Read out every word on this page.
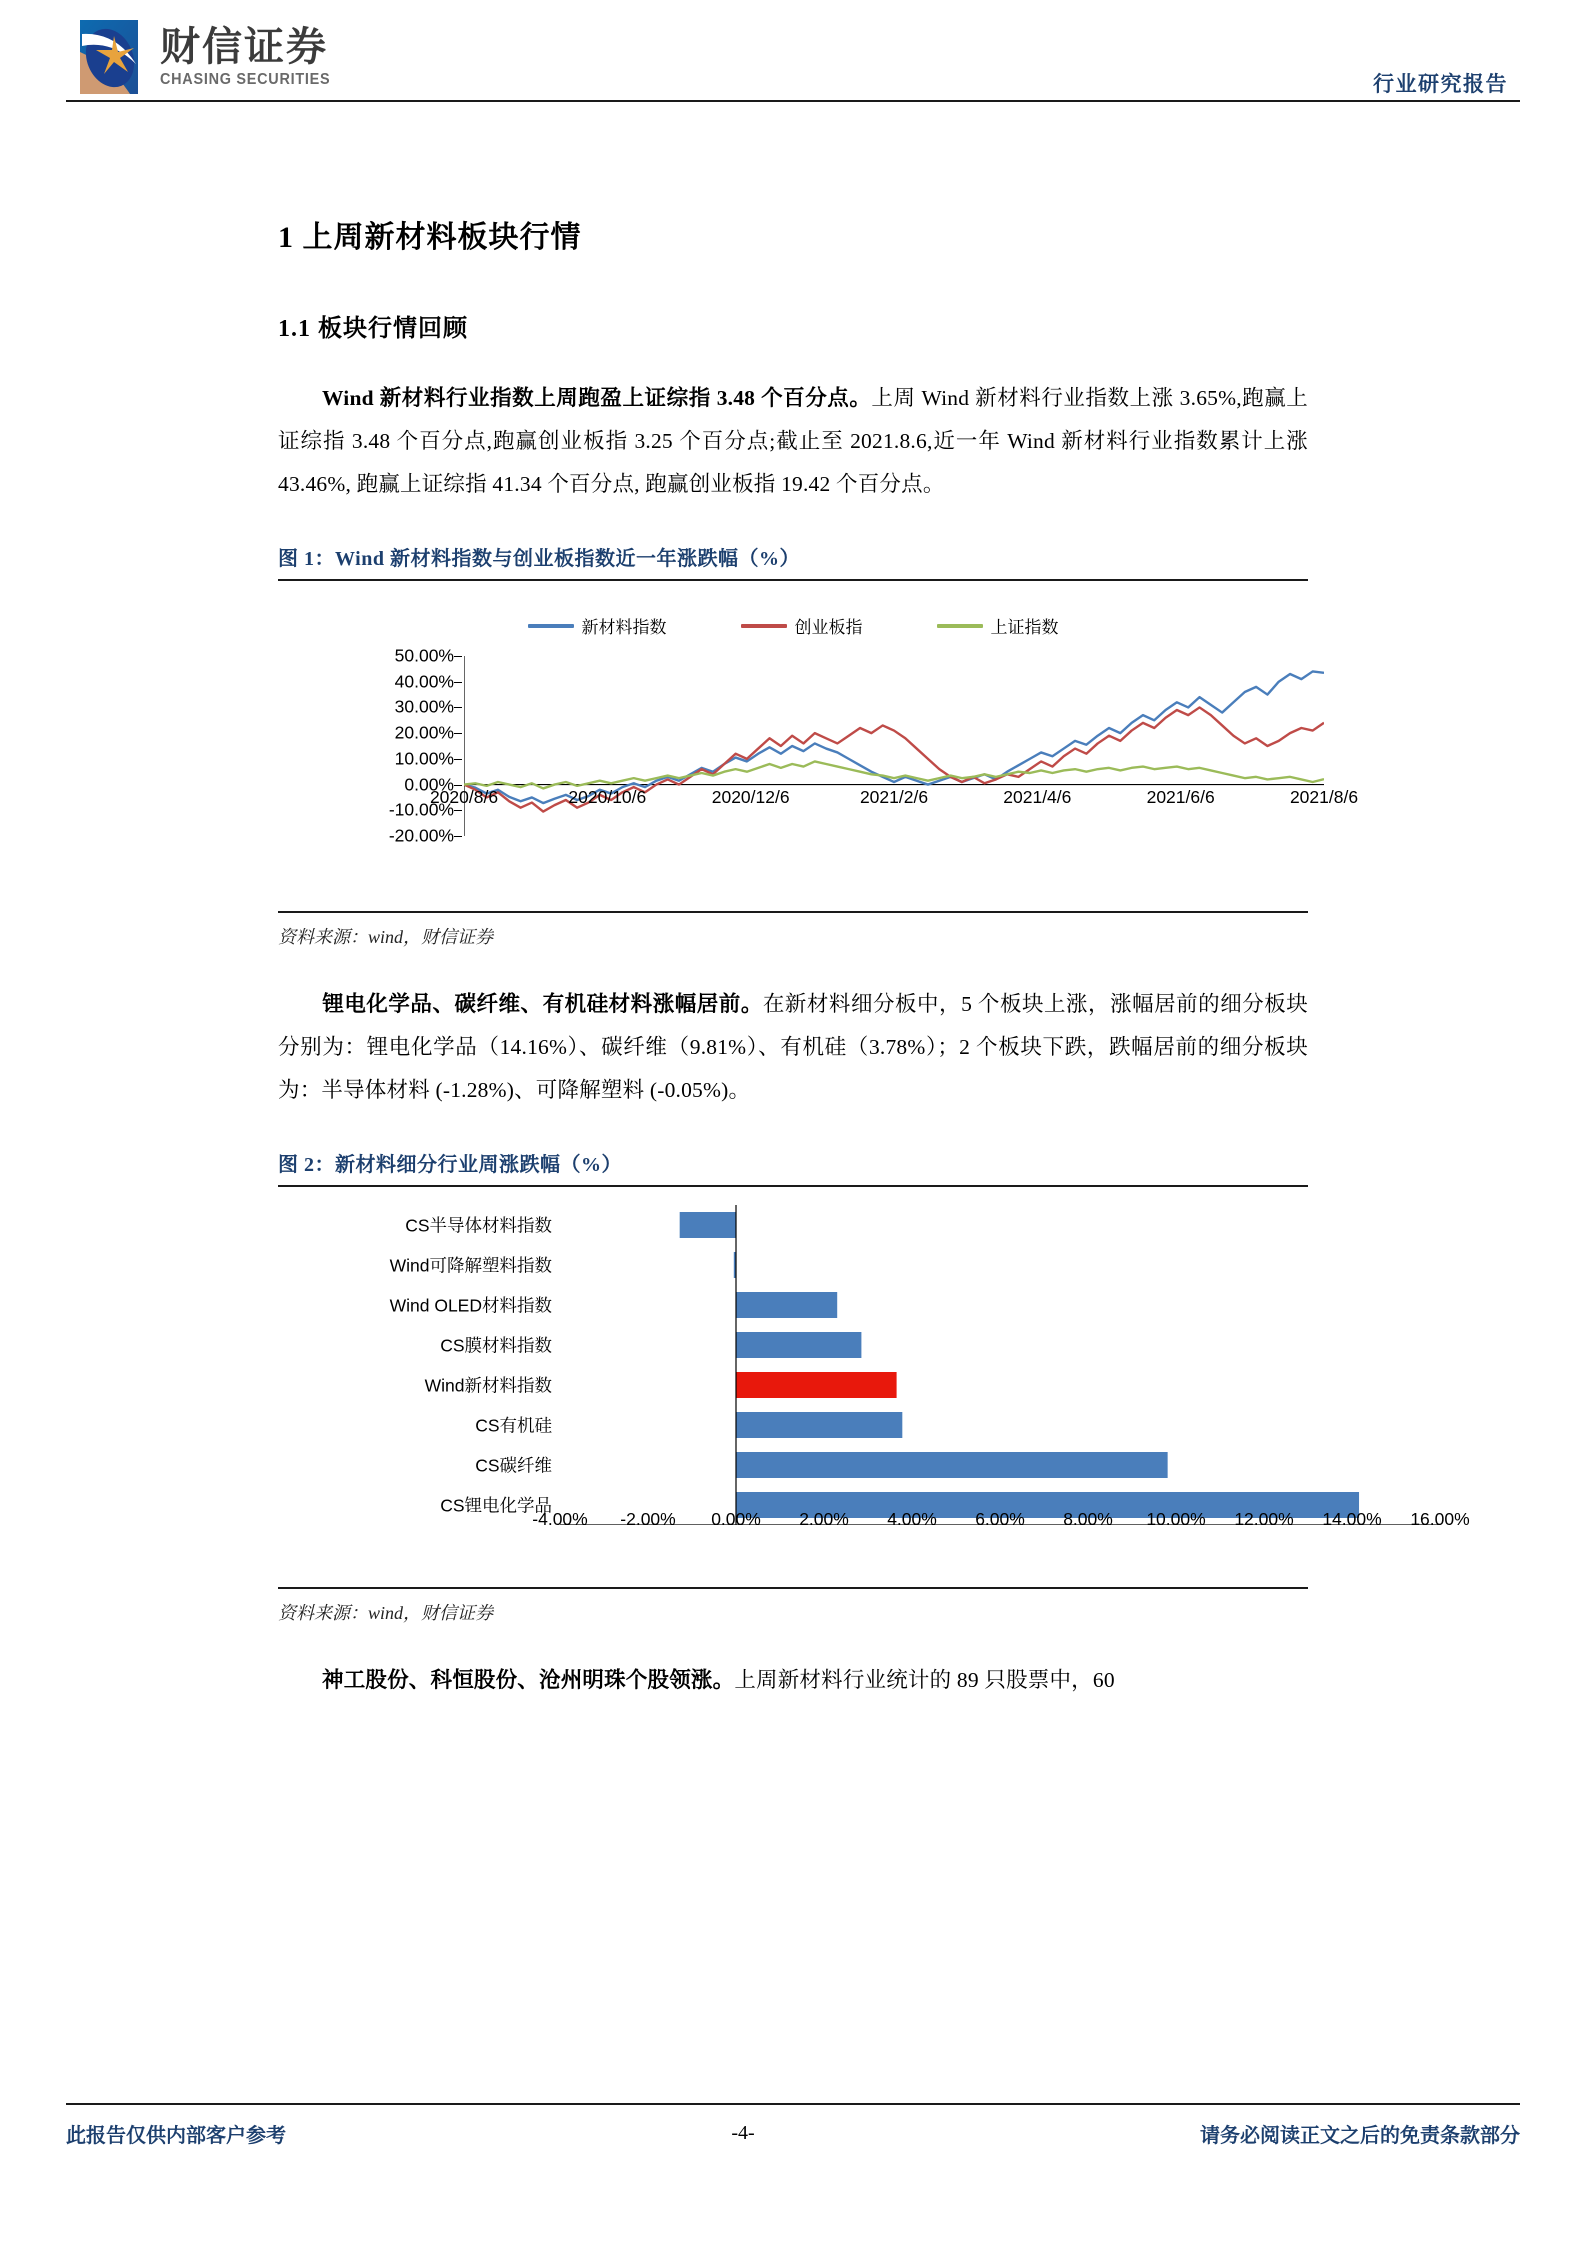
财信证券
CHASING SECURITIES	行业研究报告
1 上周新材料板块行情
1.1 板块行情回顾

Wind 新材料行业指数上周跑盈上证综指 3.48 个百分点。上周 Wind 新材料行业指数上涨 3.65%,跑赢上证综指 3.48 个百分点,跑赢创业板指 3.25 个百分点;截止至 2021.8.6,近一年 Wind 新材料行业指数累计上涨 43.46%, 跑赢上证综指 41.34 个百分点, 跑赢创业板指 19.42 个百分点。

图 1：Wind 新材料指数与创业板指数近一年涨跌幅（%）
新材料指数	创业板指	上证指数
50.00%
40.00%
30.00%
20.00%
10.00%
0.00%
-10.00%
-20.00%
2020/8/6	2020/10/6	2020/12/6	2021/2/6	2021/4/6	2021/6/6	2021/8/6
资料来源：wind，财信证券

锂电化学品、碳纤维、有机硅材料涨幅居前。在新材料细分板中，5 个板块上涨，涨幅居前的细分板块分别为：锂电化学品（14.16%）、碳纤维（9.81%）、有机硅（3.78%）；2 个板块下跌，跌幅居前的细分板块为：半导体材料 (-1.28%)、可降解塑料 (-0.05%)。

图 2：新材料细分行业周涨跌幅（%）
CS半导体材料指数
Wind可降解塑料指数
Wind OLED材料指数
CS膜材料指数
Wind新材料指数
CS有机硅
CS碳纤维
CS锂电化学品
-4.00% -2.00% 0.00% 2.00% 4.00% 6.00% 8.00% 10.00% 12.00% 14.00% 16.00%
资料来源：wind，财信证券

神工股份、科恒股份、沧州明珠个股领涨。上周新材料行业统计的 89 只股票中，60

此报告仅供内部客户参考	-4-	请务必阅读正文之后的免责条款部分
